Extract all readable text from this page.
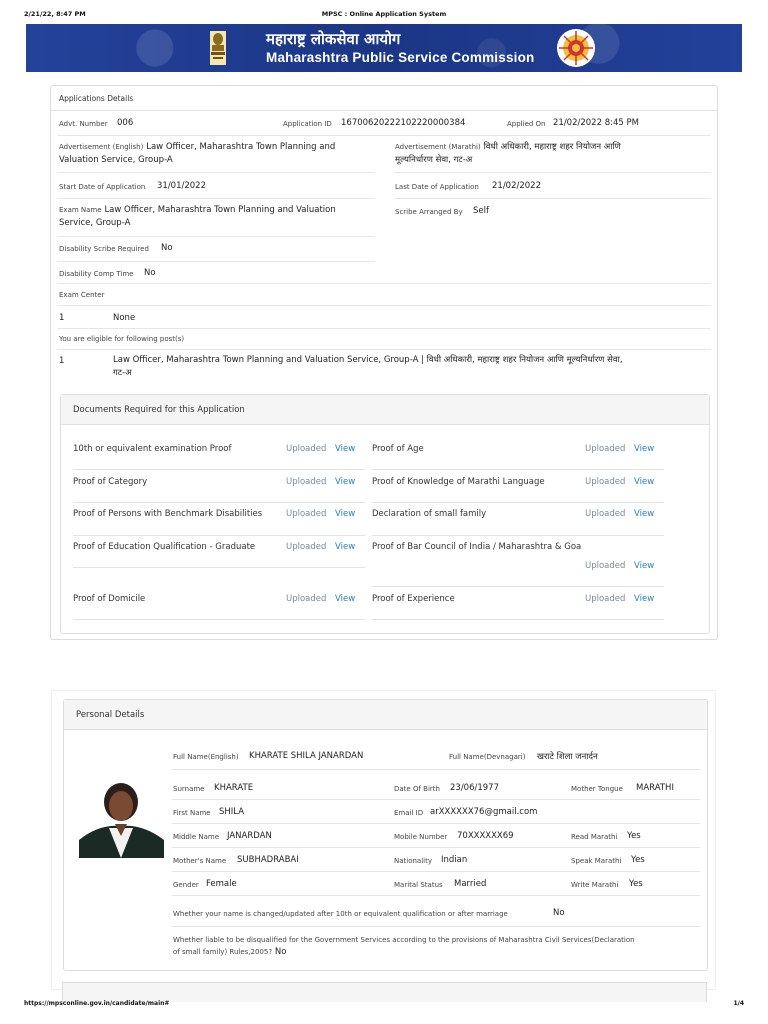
2/21/22, 8:47 PM	MPSC : Online Application System
महाराष्ट्र लोकसेवा आयोग
Maharashtra Public Service Commission
Applications Details
Advt. Number 006	Application ID 16700620222102220000384	Applied On 21/02/2022 8:45 PM
Advertisement (English) Law Officer, Maharashtra Town Planning and
Valuation Service, Group-A
Advertisement (Marathi) विधी अधिकारी, महाराष्ट्र शहर नियोजन आणि
मूल्यनिर्धारण सेवा, गट-अ
Start Date of Application 31/01/2022	Last Date of Application 21/02/2022
Exam Name Law Officer, Maharashtra Town Planning and Valuation
Service, Group-A
Scribe Arranged By Self
Disability Scribe Required No
Disability Comp Time No
Exam Center
1	None
You are eligible for following post(s)
1	Law Officer, Maharashtra Town Planning and Valuation Service, Group-A | विधी अधिकारी, महाराष्ट्र शहर नियोजन आणि मूल्यनिर्धारण सेवा,
गट-अ
Documents Required for this Application
10th or equivalent examination Proof	Uploaded View Proof of Age	Uploaded View
Proof of Category	Uploaded View Proof of Knowledge of Marathi Language	Uploaded View
Proof of Persons with Benchmark Disabilities	Uploaded View Declaration of small family	Uploaded View
Proof of Education Qualification - Graduate	Uploaded View Proof of Bar Council of India / Maharashtra & Goa
Uploaded View
Proof of Domicile	Uploaded View Proof of Experience	Uploaded View
Personal Details
Full Name(English) KHARATE SHILA JANARDAN	Full Name(Devnagari) खराटे शिला जनार्दन
Surname KHARATE	Date Of Birth 23/06/1977	Mother Tongue MARATHI
First Name SHILA	Email ID arXXXXXX76@gmail.com
Middle Name JANARDAN	Mobile Number 70XXXXXX69	Read Marathi Yes
Mother's Name SUBHADRABAI	Nationality Indian	Speak Marathi Yes
Gender Female	Marital Status Married	Write Marathi Yes
Whether your name is changed/updated after 10th or equivalent qualification or after marriage	No
Whether liable to be disqualified for the Government Services according to the provisions of Maharashtra Civil Services(Declaration
of small family) Rules,2005? No
https://mpsconline.gov.in/candidate/main#	1/4
